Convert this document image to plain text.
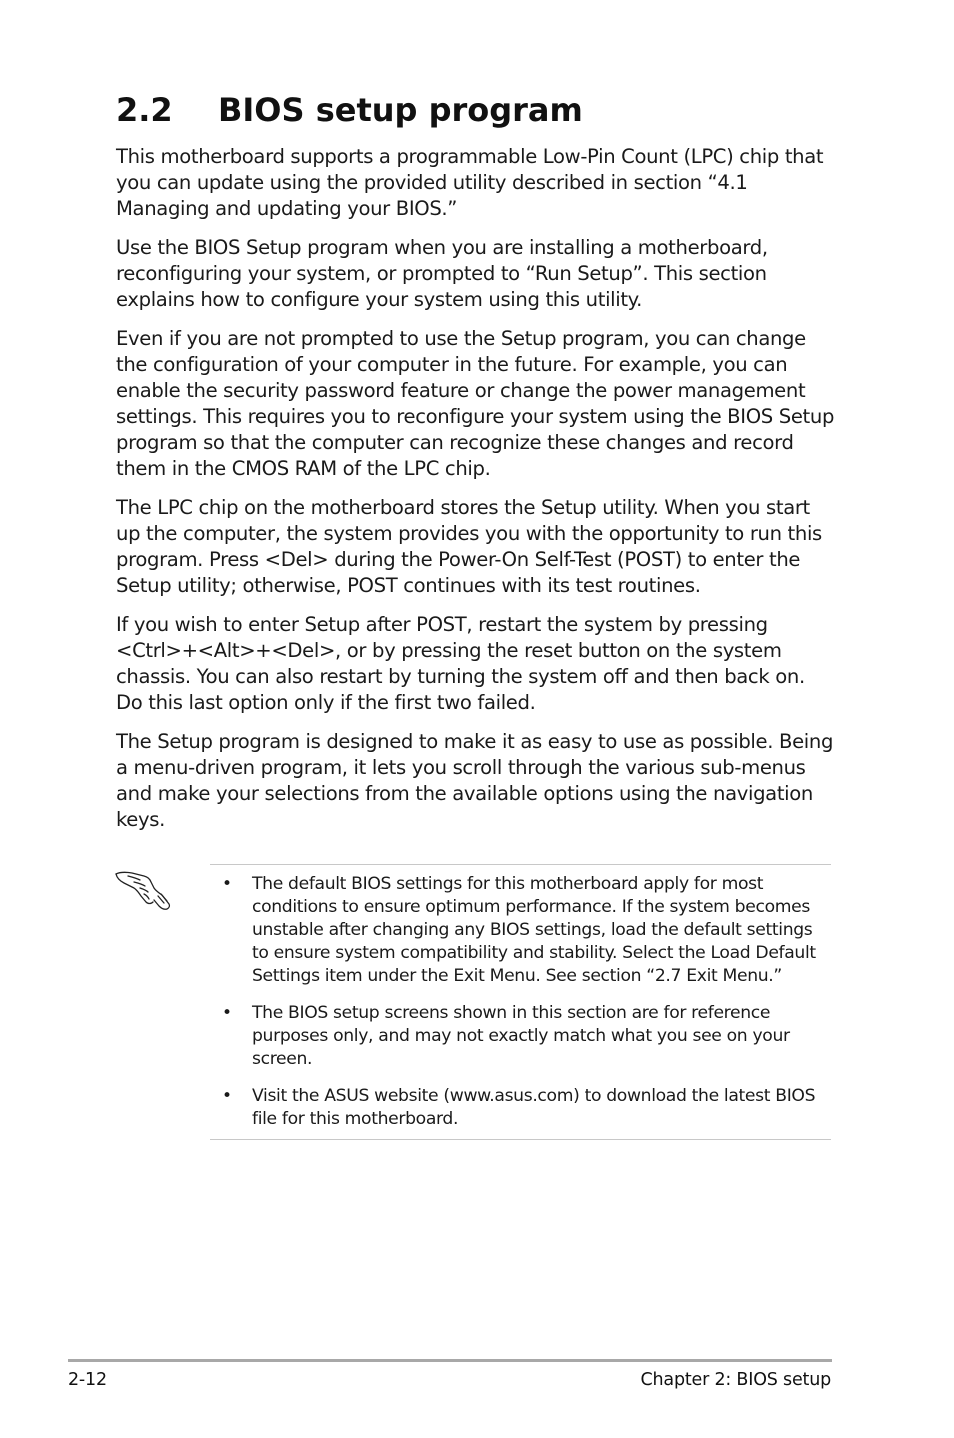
2.2 BIOS setup program

This motherboard supports a programmable Low-Pin Count (LPC) chip that you can update using the provided utility described in section “4.1 Managing and updating your BIOS.”

Use the BIOS Setup program when you are installing a motherboard, reconfiguring your system, or prompted to “Run Setup”. This section explains how to configure your system using this utility.

Even if you are not prompted to use the Setup program, you can change the configuration of your computer in the future. For example, you can enable the security password feature or change the power management settings. This requires you to reconfigure your system using the BIOS Setup program so that the computer can recognize these changes and record them in the CMOS RAM of the LPC chip.

The LPC chip on the motherboard stores the Setup utility. When you start up the computer, the system provides you with the opportunity to run this program. Press <Del> during the Power-On Self-Test (POST) to enter the Setup utility; otherwise, POST continues with its test routines.

If you wish to enter Setup after POST, restart the system by pressing <Ctrl>+<Alt>+<Del>, or by pressing the reset button on the system chassis. You can also restart by turning the system off and then back on. Do this last option only if the first two failed.

The Setup program is designed to make it as easy to use as possible. Being a menu-driven program, it lets you scroll through the various sub-menus and make your selections from the available options using the navigation keys.

• The default BIOS settings for this motherboard apply for most conditions to ensure optimum performance. If the system becomes unstable after changing any BIOS settings, load the default settings to ensure system compatibility and stability. Select the Load Default Settings item under the Exit Menu. See section “2.7 Exit Menu.”
• The BIOS setup screens shown in this section are for reference purposes only, and may not exactly match what you see on your screen.
• Visit the ASUS website (www.asus.com) to download the latest BIOS file for this motherboard.
2-12	Chapter 2: BIOS setup
